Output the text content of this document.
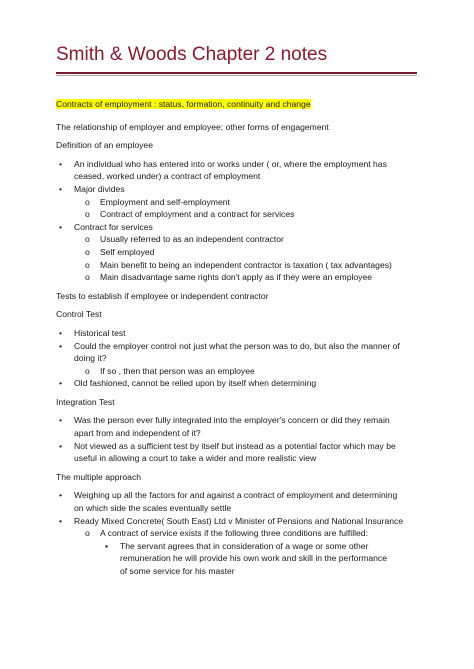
Smith & Woods Chapter 2 notes

Contracts of employment : status, formation, continuity and change

The relationship of employer and employee; other forms of engagement

Definition of an employee

• An individual who has entered into or works under ( or, where the employment has
ceased, worked under) a contract of employment
• Major divides
o Employment and self-employment
o Contract of employment and a contract for services
• Contract for services
o Usually referred to as an independent contractor
o Self employed
o Main benefit to being an independent contractor is taxation ( tax advantages)
o Main disadvantage same rights don't apply as if they were an employee

Tests to establish if employee or independent contractor

Control Test

• Historical test
• Could the employer control not just what the person was to do, but also the manner of
doing it?
o If so , then that person was an employee
• Old fashioned, cannot be relied upon by itself when determining

Integration Test

• Was the person ever fully integrated into the employer's concern or did they remain
apart from and independent of it?
• Not viewed as a sufficient test by itself but instead as a potential factor which may be
useful in allowing a court to take a wider and more realistic view

The multiple approach

• Weighing up all the factors for and against a contract of employment and determining
on which side the scales eventually settle
• Ready Mixed Concrete( South East) Ltd v Minister of Pensions and National Insurance
o A contract of service exists if the following three conditions are fulfilled:
▪ The servant agrees that in consideration of a wage or some other
remuneration he will provide his own work and skill in the performance
of some service for his master
